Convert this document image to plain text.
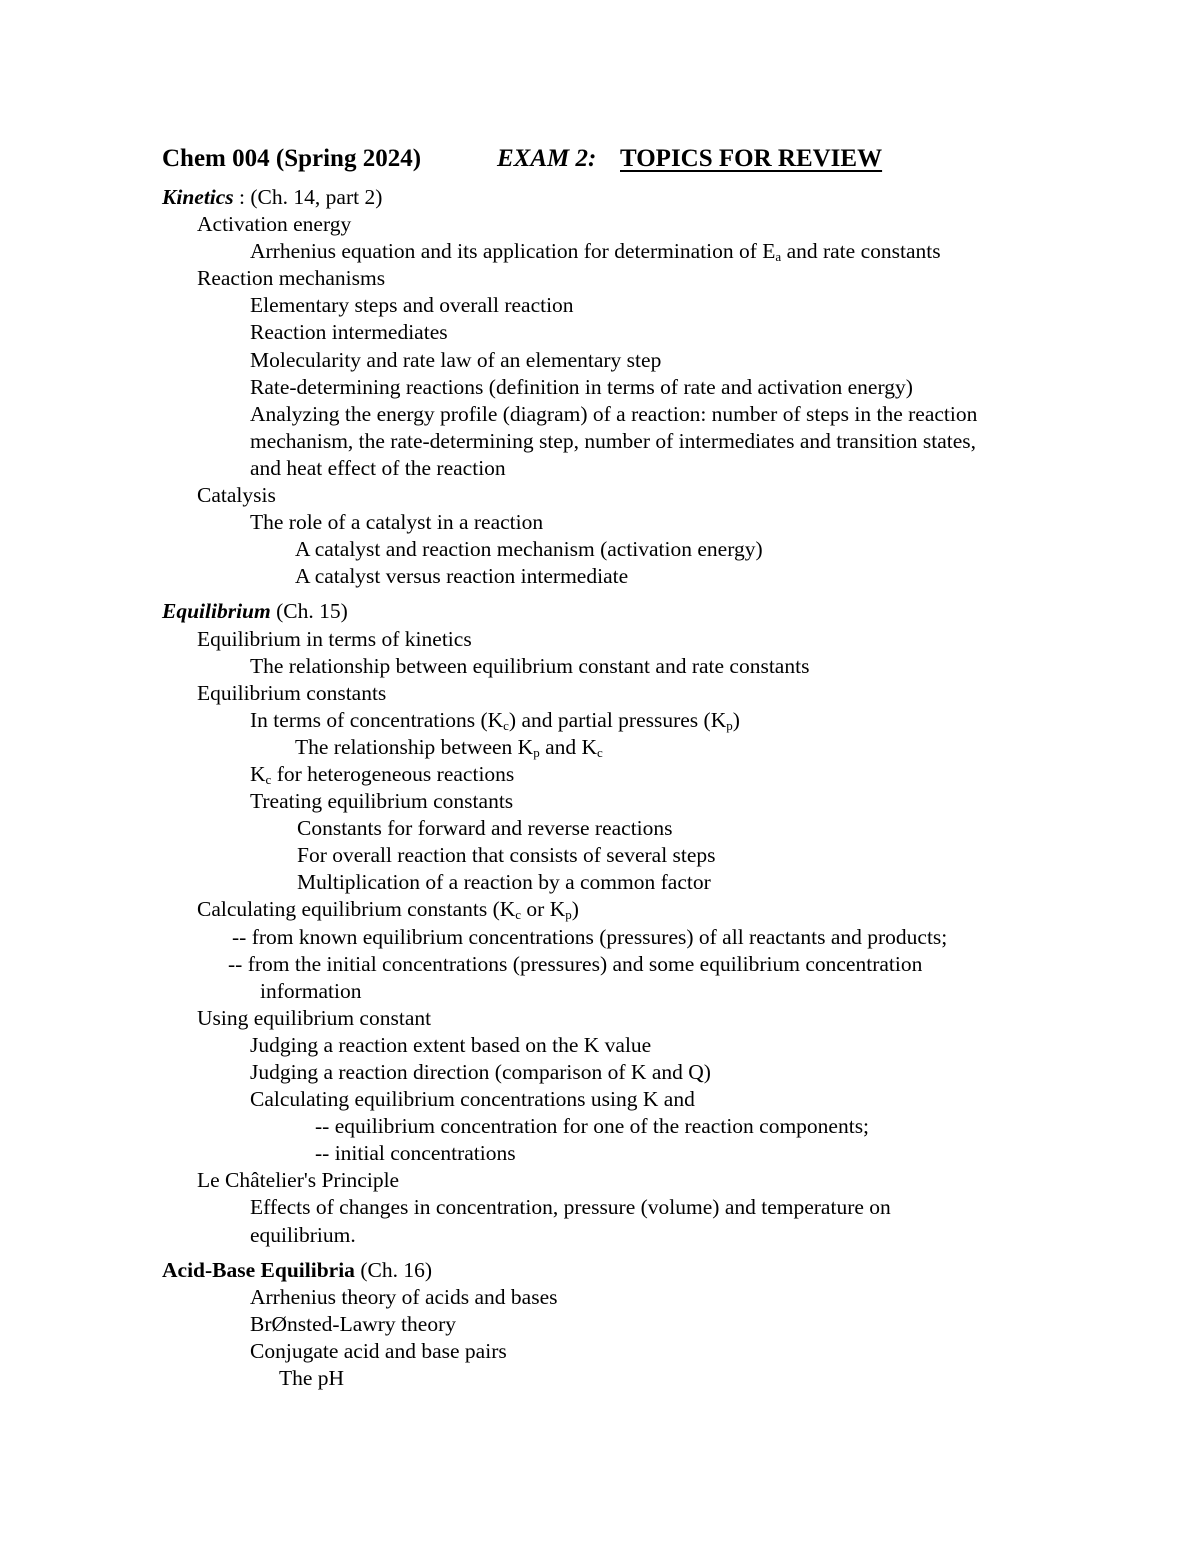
Chem 004 (Spring 2024)	EXAM 2: TOPICS FOR REVIEW
Kinetics : (Ch. 14, part 2)
Activation energy
Arrhenius equation and its application for determination of $E_a$ and rate constants
Reaction mechanisms
Elementary steps and overall reaction
Reaction intermediates
Molecularity and rate law of an elementary step
Rate-determining reactions (definition in terms of rate and activation energy)
Analyzing the energy profile (diagram) of a reaction: number of steps in the reaction
mechanism, the rate-determining step, number of intermediates and transition states,
and heat effect of the reaction
Catalysis
The role of a catalyst in a reaction
A catalyst and reaction mechanism (activation energy)
A catalyst versus reaction intermediate
Equilibrium (Ch. 15)
Equilibrium in terms of kinetics
The relationship between equilibrium constant and rate constants
Equilibrium constants
In terms of concentrations $(K_c)$ and partial pressures $(K_p)$
The relationship between $K_p$ and $K_c$
$K_c$ for heterogeneous reactions
Treating equilibrium constants
Constants for forward and reverse reactions
For overall reaction that consists of several steps
Multiplication of a reaction by a common factor
Calculating equilibrium constants ($K_c$ or $K_p$)
-- from known equilibrium concentrations (pressures) of all reactants and products;
-- from the initial concentrations (pressures) and some equilibrium concentration
information
Using equilibrium constant
Judging a reaction extent based on the K value
Judging a reaction direction (comparison of K and Q)
Calculating equilibrium concentrations using K and
-- equilibrium concentration for one of the reaction components;
-- initial concentrations
Le Châtelier's Principle
Effects of changes in concentration, pressure (volume) and temperature on
equilibrium.
Acid-Base Equilibria (Ch. 16)
Arrhenius theory of acids and bases
BrØnsted-Lawry theory
Conjugate acid and base pairs
The pH
